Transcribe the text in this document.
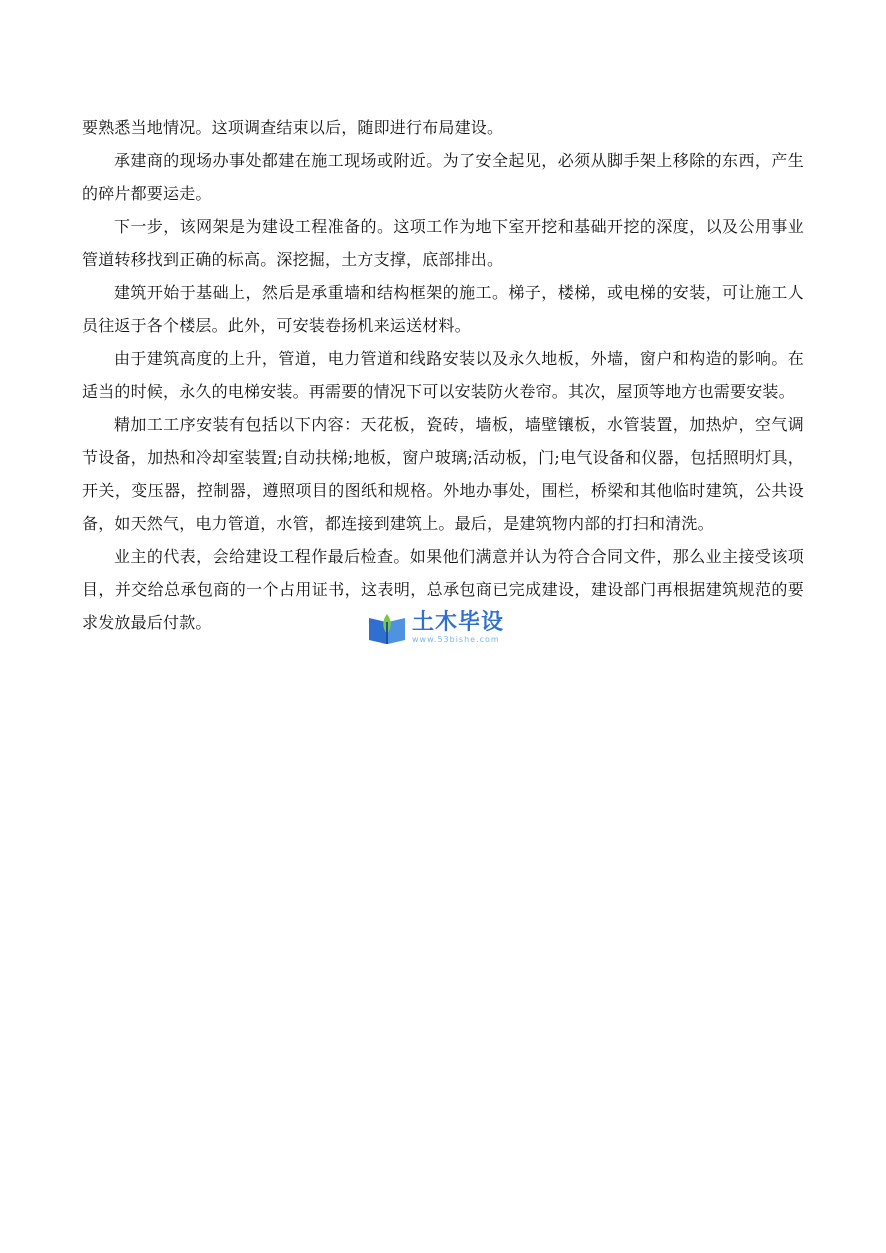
要熟悉当地情况。这项调查结束以后，随即进行布局建设。

承建商的现场办事处都建在施工现场或附近。为了安全起见，必须从脚手架上移除的东西，产生的碎片都要运走。

下一步，该网架是为建设工程准备的。这项工作为地下室开挖和基础开挖的深度，以及公用事业管道转移找到正确的标高。深挖掘，土方支撑，底部排出。

建筑开始于基础上，然后是承重墙和结构框架的施工。梯子，楼梯，或电梯的安装，可让施工人员往返于各个楼层。此外，可安装卷扬机来运送材料。

由于建筑高度的上升，管道，电力管道和线路安装以及永久地板，外墙，窗户和构造的影响。在适当的时候，永久的电梯安装。再需要的情况下可以安装防火卷帘。其次，屋顶等地方也需要安装。

精加工工序安装有包括以下内容：天花板，瓷砖，墙板，墙壁镶板，水管装置，加热炉，空气调节设备，加热和冷却室装置;自动扶梯;地板，窗户玻璃;活动板，门;电气设备和仪器，包括照明灯具，开关，变压器，控制器，遵照项目的图纸和规格。外地办事处，围栏，桥梁和其他临时建筑，公共设备，如天然气，电力管道，水管，都连接到建筑上。最后，是建筑物内部的打扫和清洗。

业主的代表，会给建设工程作最后检查。如果他们满意并认为符合合同文件，那么业主接受该项目，并交给总承包商的一个占用证书，这表明，总承包商已完成建设，建设部门再根据建筑规范的要求发放最后付款。	土木毕设
www.53bishe.com
